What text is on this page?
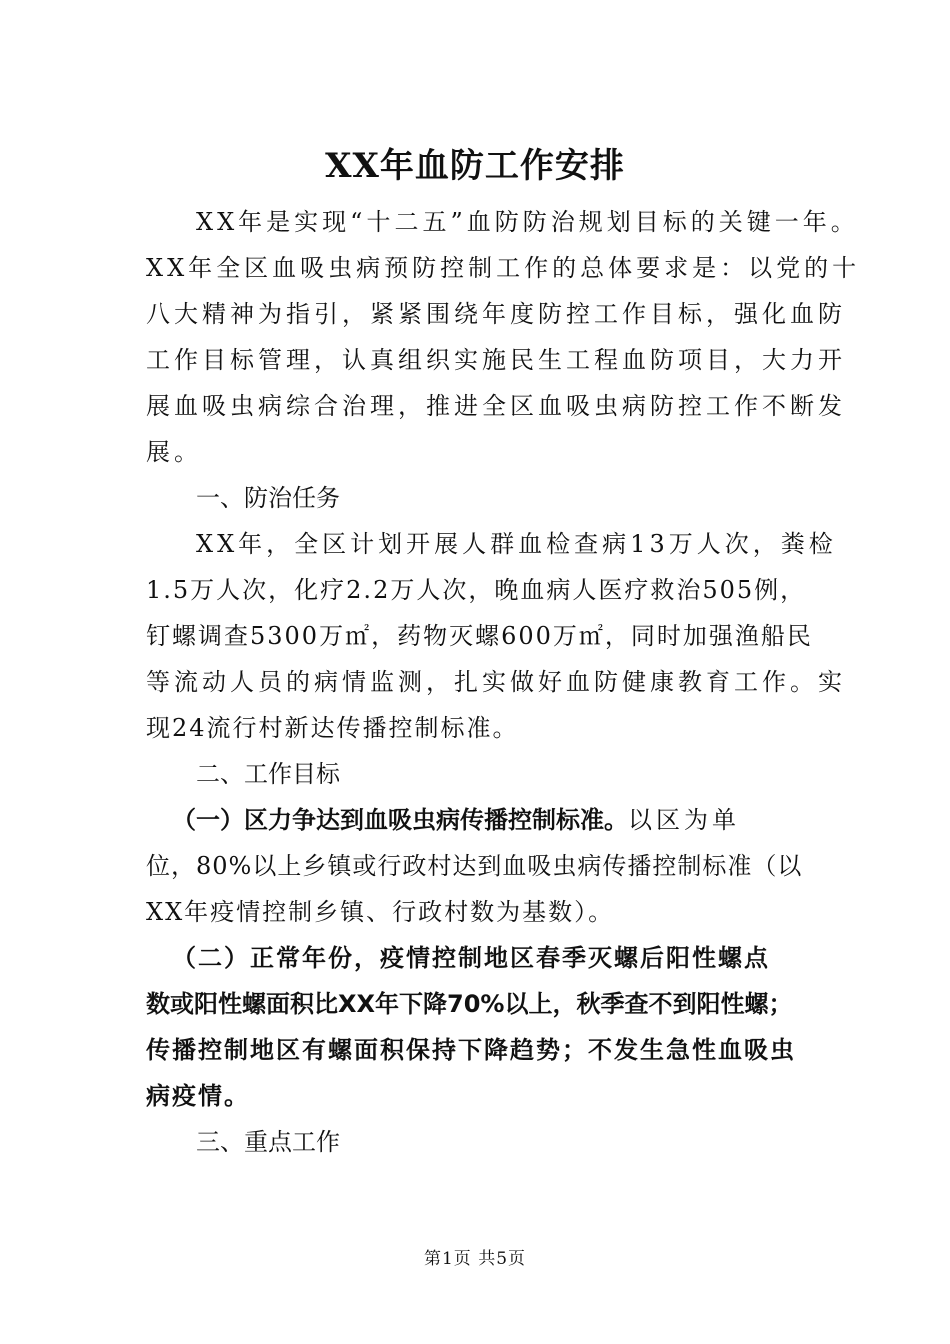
XX年血防工作安排
XX年是实现“十二五”血防防治规划目标的关键一年。
XX年全区血吸虫病预防控制工作的总体要求是：以党的十
八大精神为指引，紧紧围绕年度防控工作目标，强化血防
工作目标管理，认真组织实施民生工程血防项目，大力开
展血吸虫病综合治理，推进全区血吸虫病防控工作不断发
展。
一、防治任务
XX年，全区计划开展人群血检查病13万人次，粪检
1.5万人次，化疗2.2万人次，晚血病人医疗救治505例，
钉螺调查5300万㎡，药物灭螺600万㎡，同时加强渔船民
等流动人员的病情监测，扎实做好血防健康教育工作。实
现24流行村新达传播控制标准。
二、工作目标
（一）区力争达到血吸虫病传播控制标准。以区为单
位，80%以上乡镇或行政村达到血吸虫病传播控制标准（以
XX年疫情控制乡镇、行政村数为基数）。
（二）正常年份，疫情控制地区春季灭螺后阳性螺点
数或阳性螺面积比XX年下降70%以上，秋季查不到阳性螺；
传播控制地区有螺面积保持下降趋势；不发生急性血吸虫
病疫情。
三、重点工作
第1页 共5页
